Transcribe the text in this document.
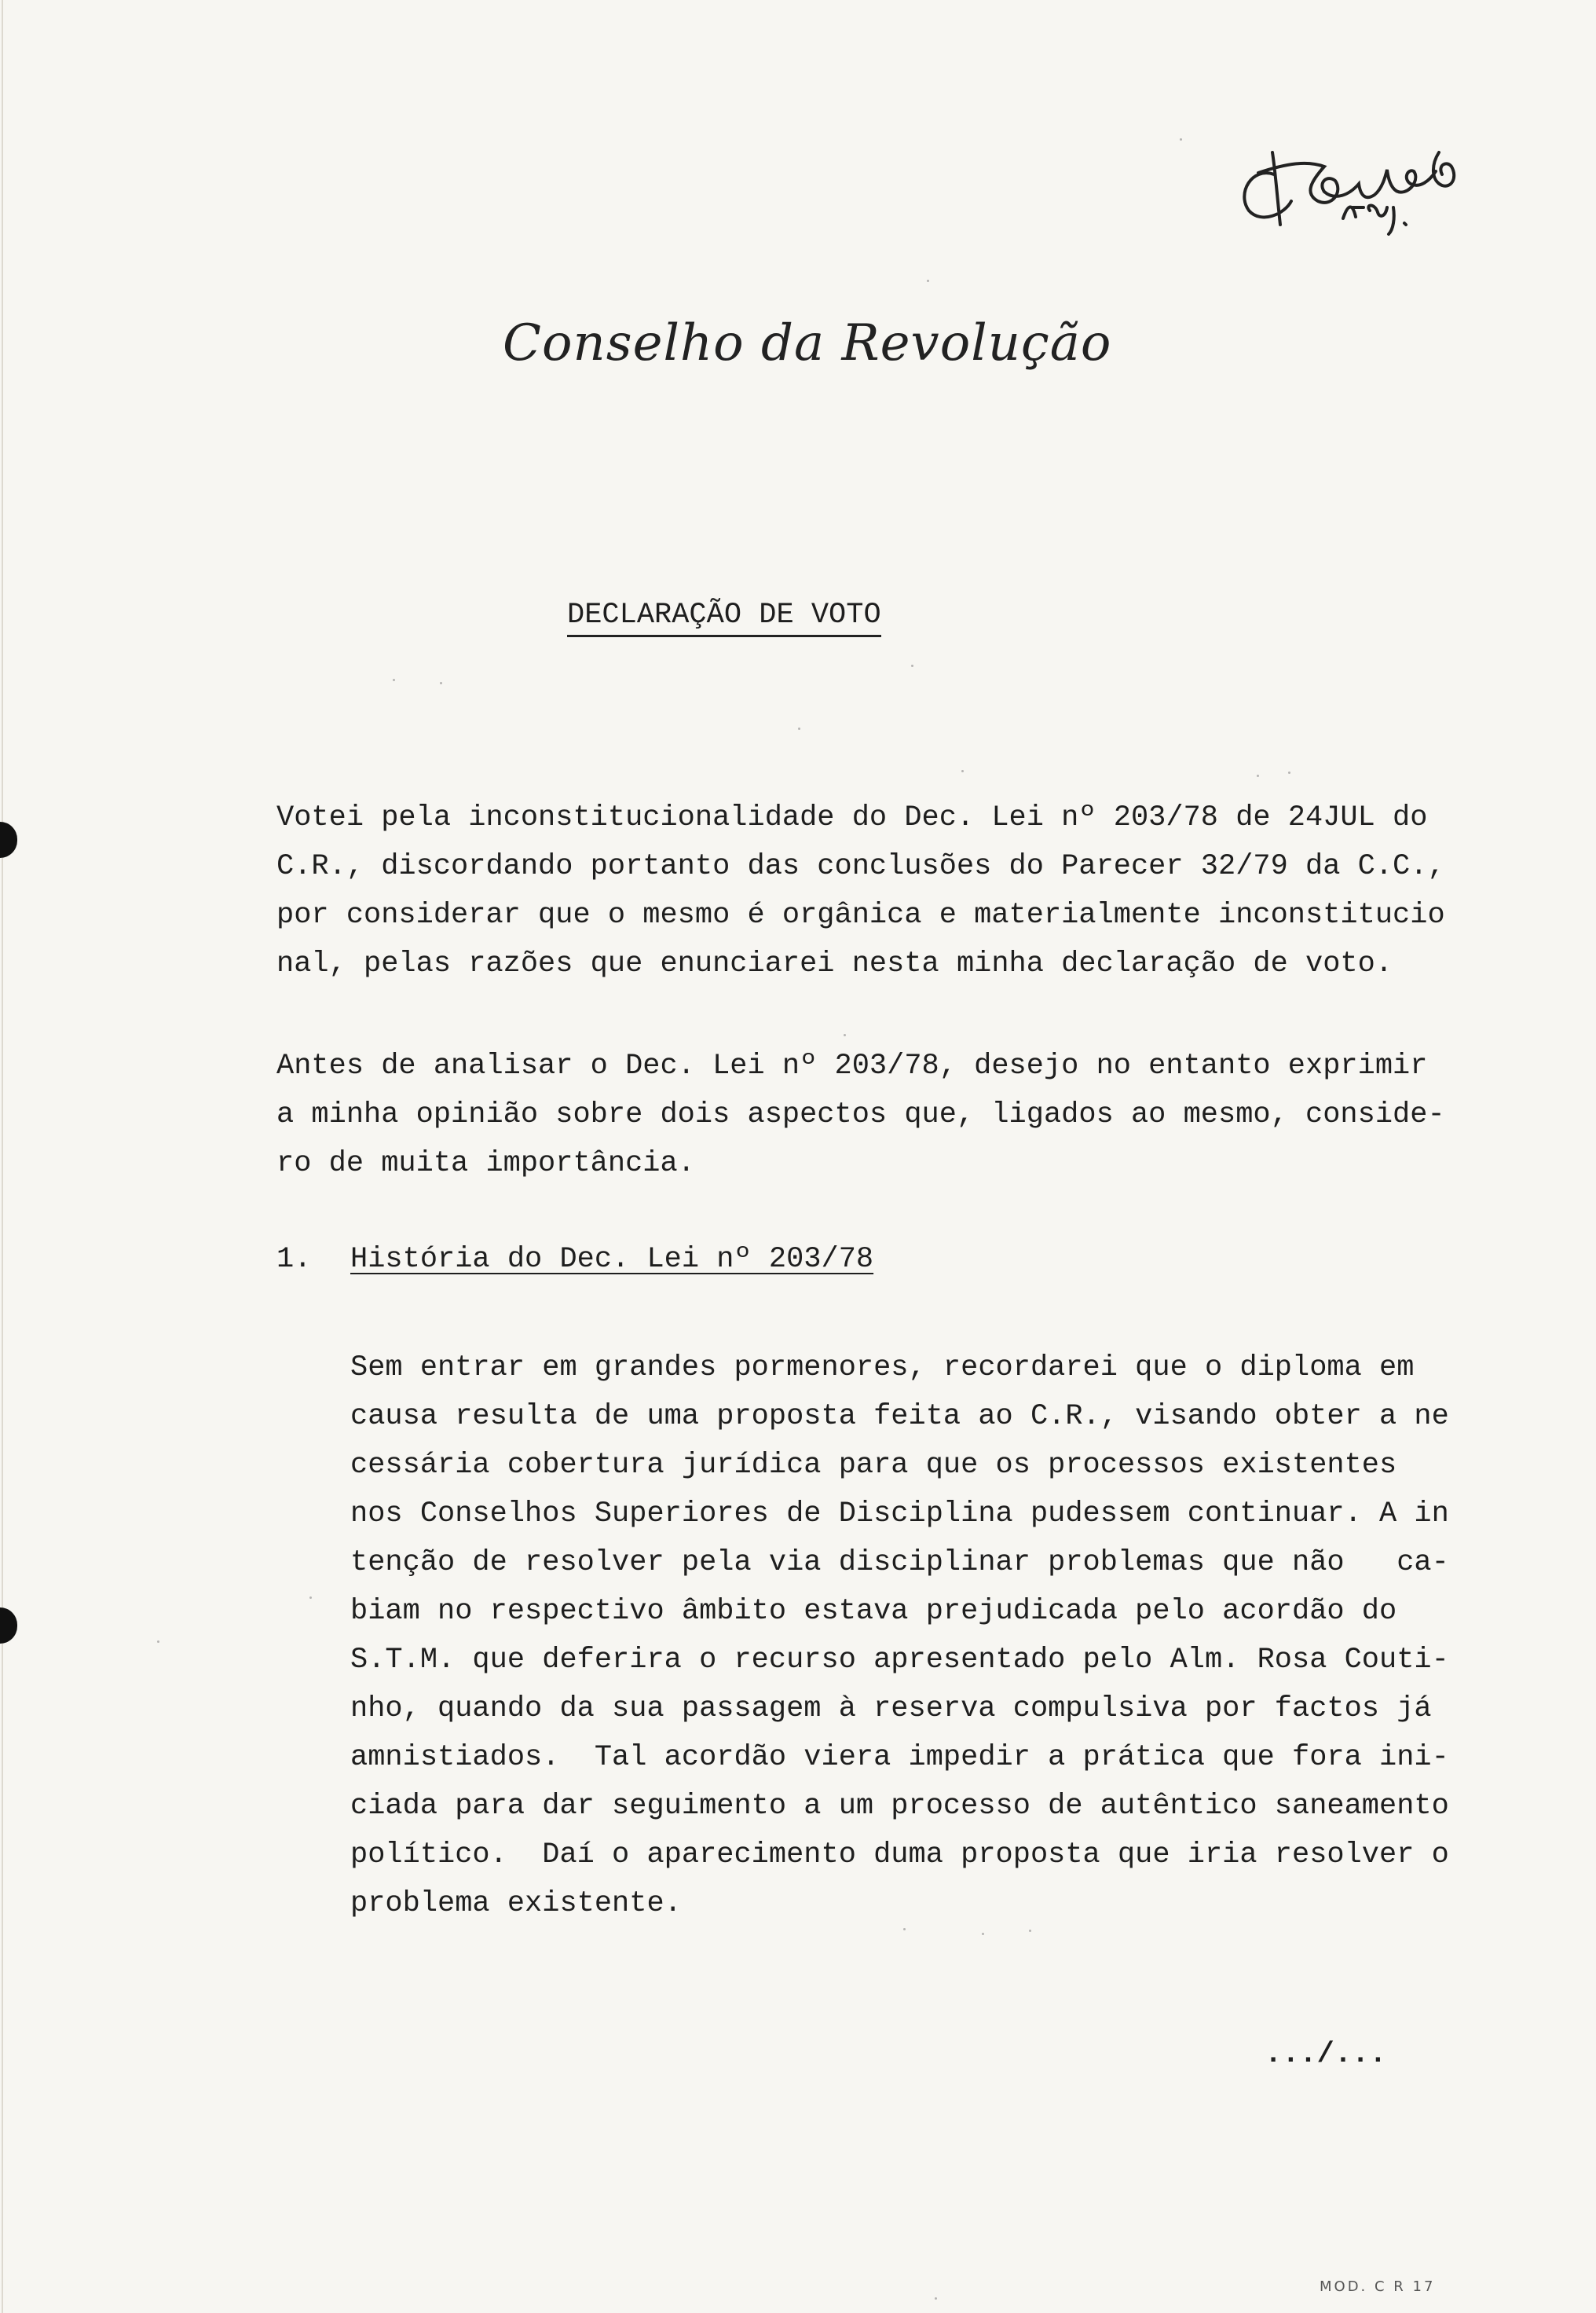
Conselho da Revolução
DECLARAÇÃO DE VOTO
Votei pela inconstitucionalidade do Dec. Lei nº 203/78 de 24JUL do
C.R., discordando portanto das conclusões do Parecer 32/79 da C.C.,
por considerar que o mesmo é orgânica e materialmente inconstitucio
nal, pelas razões que enunciarei nesta minha declaração de voto.
Antes de analisar o Dec. Lei nº 203/78, desejo no entanto exprimir
a minha opinião sobre dois aspectos que, ligados ao mesmo, conside-
ro de muita importância.
1. História do Dec. Lei nº 203/78
Sem entrar em grandes pormenores, recordarei que o diploma em
causa resulta de uma proposta feita ao C.R., visando obter a ne
cessária cobertura jurídica para que os processos existentes
nos Conselhos Superiores de Disciplina pudessem continuar. A in
tenção de resolver pela via disciplinar problemas que não   ca-
biam no respectivo âmbito estava prejudicada pelo acordão do
S.T.M. que deferira o recurso apresentado pelo Alm. Rosa Couti-
nho, quando da sua passagem à reserva compulsiva por factos já
amnistiados.  Tal acordão viera impedir a prática que fora ini-
ciada para dar seguimento a um processo de autêntico saneamento
político.  Daí o aparecimento duma proposta que iria resolver o
problema existente.
.../...
MOD. C R 17
